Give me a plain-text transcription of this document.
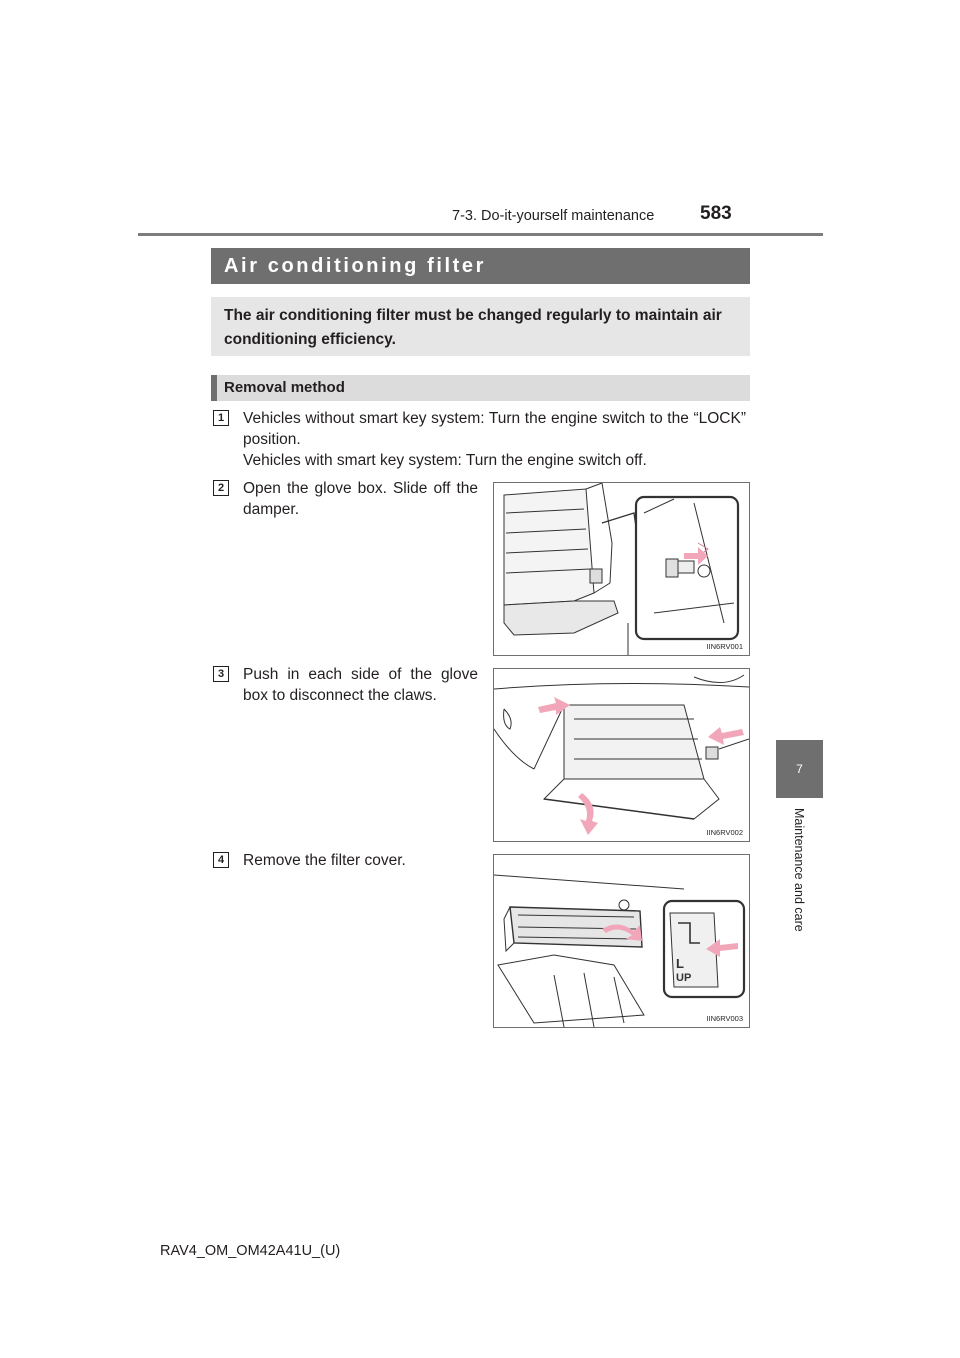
7-3. Do-it-yourself maintenance 583
7
Maintenance and care
Air conditioning filter
The air conditioning filter must be changed regularly to maintain air conditioning efficiency.
Removal method
1	Vehicles without smart key system: Turn the engine switch to the “LOCK” position.
Vehicles with smart key system: Turn the engine switch off.
2	Open the glove box. Slide off the damper.
IIN6RV001
3	Push in each side of the glove box to disconnect the claws.
IIN6RV002
4	Remove the filter cover.
L
UP
IIN6RV003
RAV4_OM_OM42A41U_(U)
